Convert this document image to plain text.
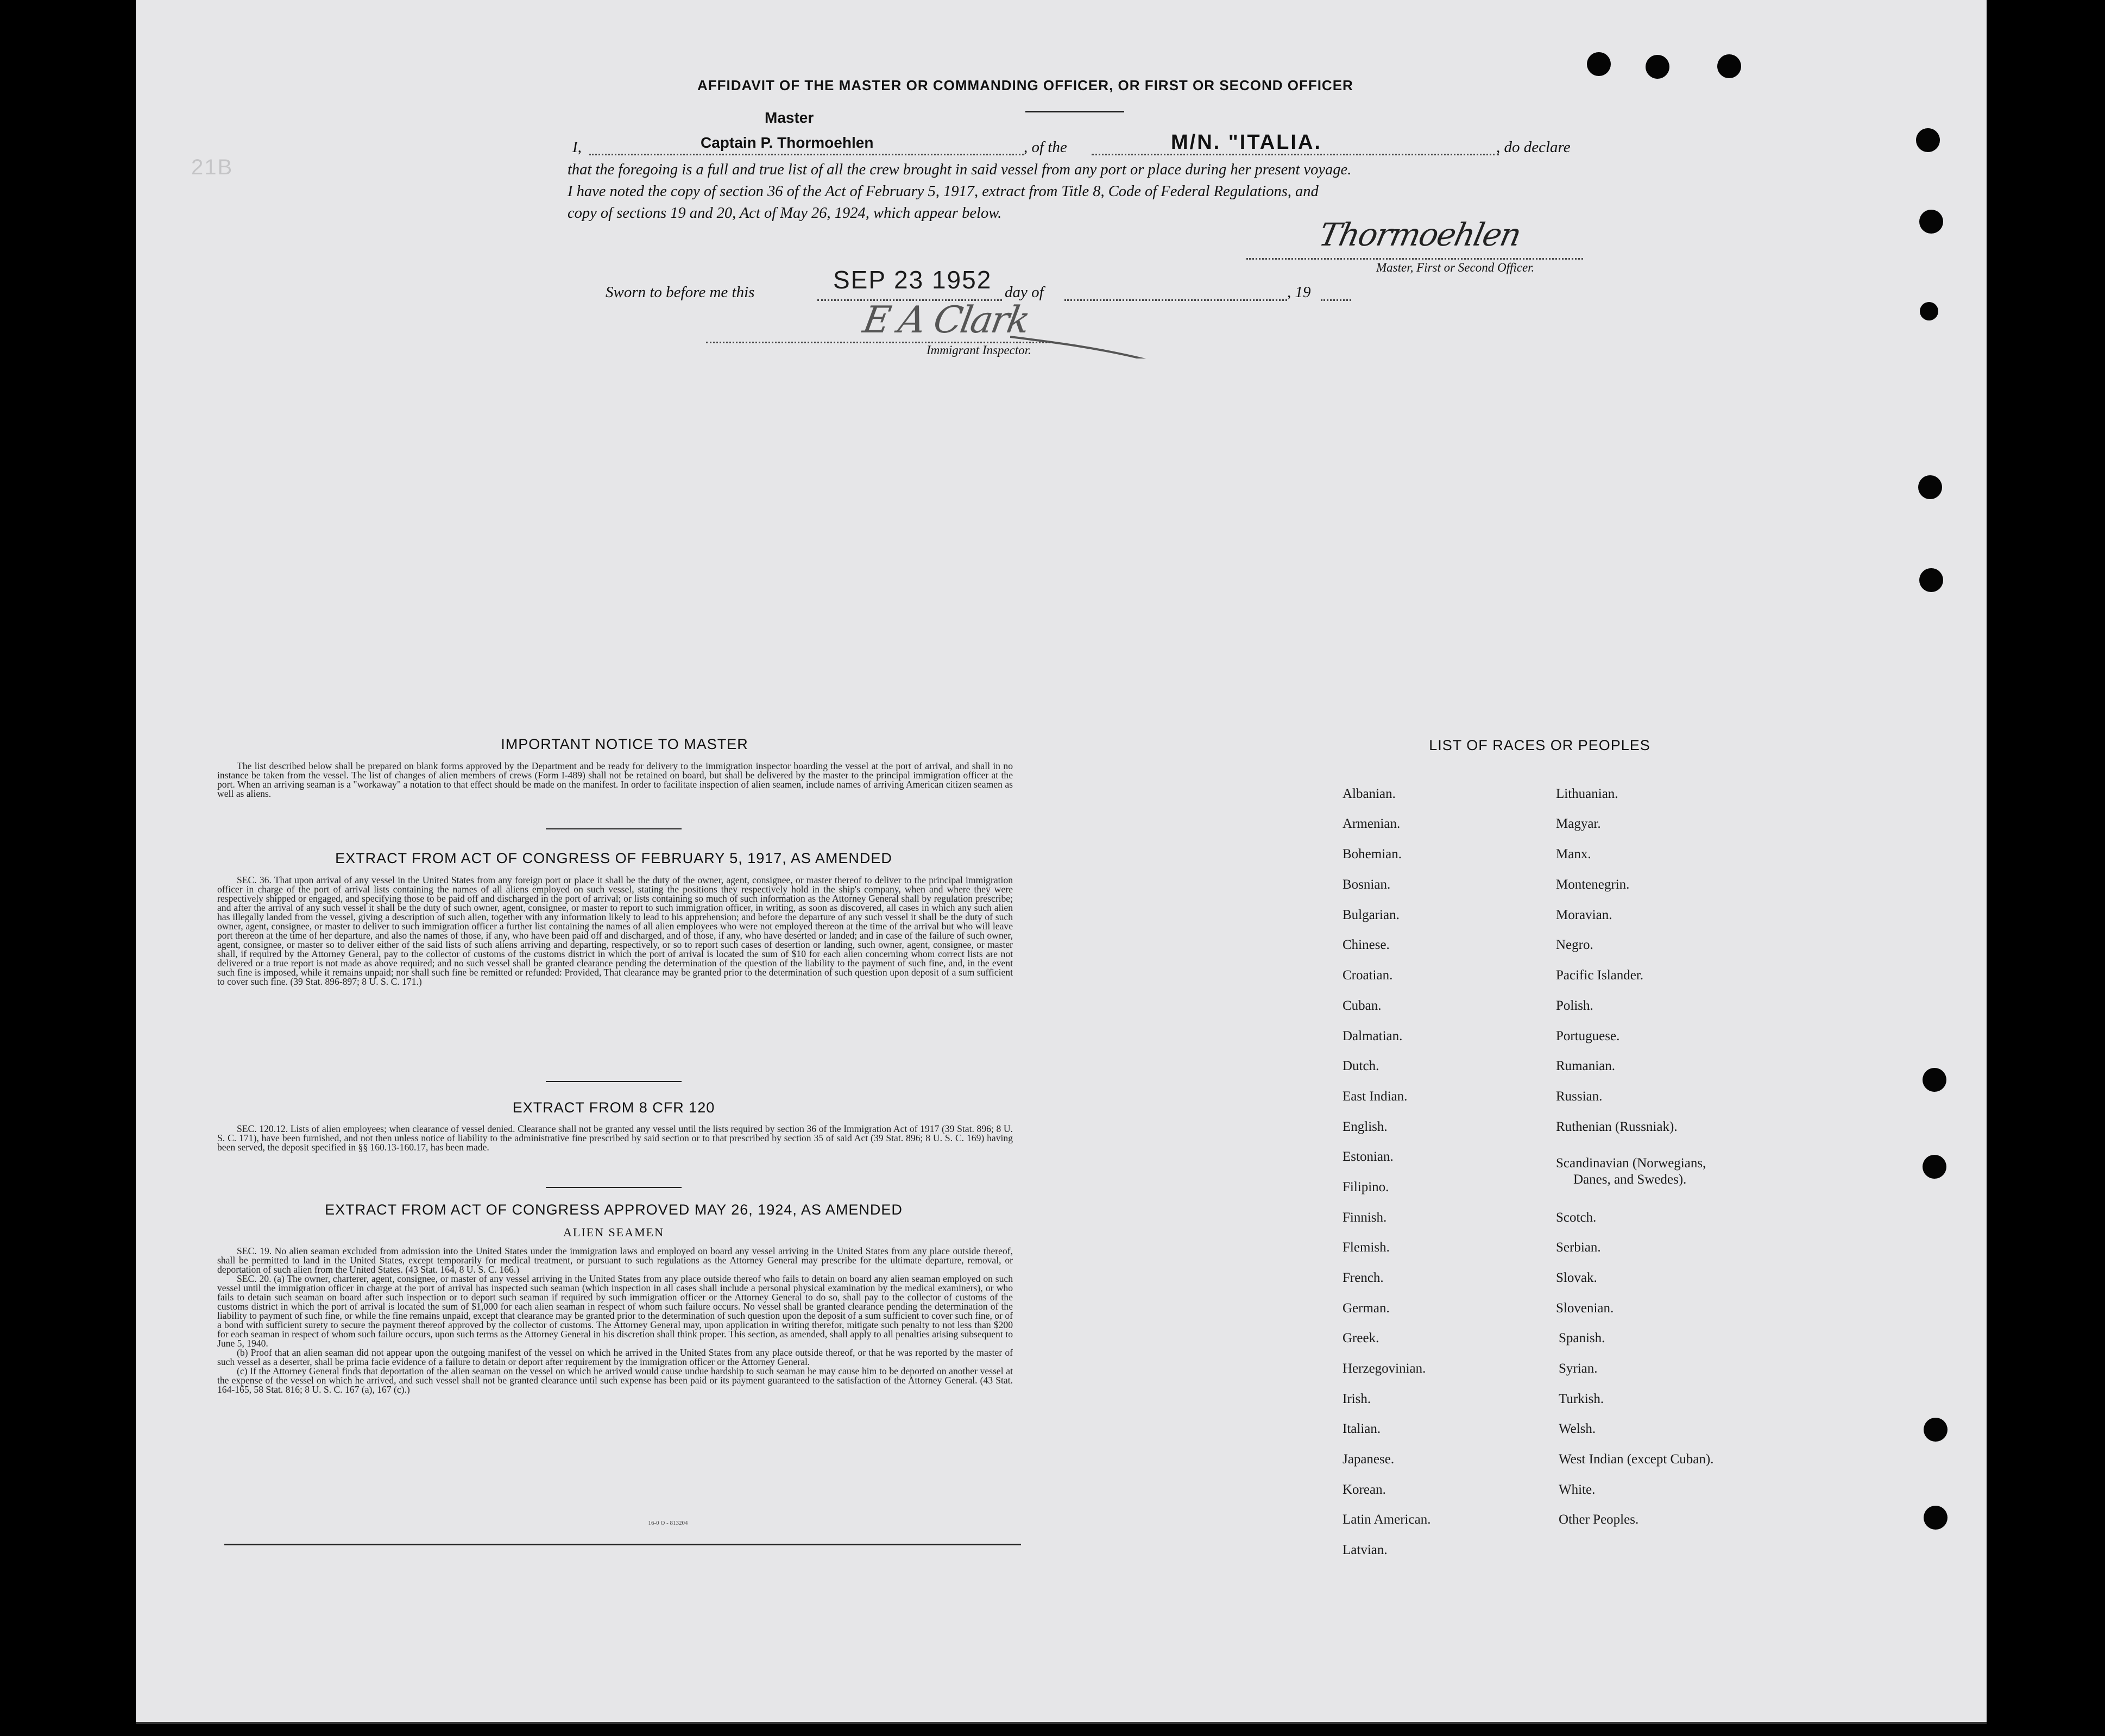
21B
AFFIDAVIT OF THE MASTER OR COMMANDING OFFICER, OR FIRST OR SECOND OFFICER
Master
I,	Captain P. Thormoehlen	, of the	M/N. "ITALIA.	, do declare
that the foregoing is a full and true list of all the crew brought in said vessel from any port or place during her present voyage.
I have noted the copy of section 36 of the Act of February 5, 1917, extract from Title 8, Code of Federal Regulations, and
copy of sections 19 and 20, Act of May 26, 1924, which appear below.
Thormoehlen
Master, First or Second Officer.
Sworn to before me this	SEP 23 1952 day of	, 19
E A Clark
Immigrant Inspector.
IMPORTANT NOTICE TO MASTER

The list described below shall be prepared on blank forms approved by the Department and be ready for delivery to the immigration inspector boarding the vessel at the port of arrival, and shall in no instance be taken from the vessel. The list of changes of alien members of crews (Form I-489) shall not be retained on board, but shall be delivered by the master to the principal immigration officer at the port. When an arriving seaman is a "workaway" a notation to that effect should be made on the manifest. In order to facilitate inspection of alien seamen, include names of arriving American citizen seamen as well as aliens.

EXTRACT FROM ACT OF CONGRESS OF FEBRUARY 5, 1917, AS AMENDED

SEC. 36. That upon arrival of any vessel in the United States from any foreign port or place it shall be the duty of the owner, agent, consignee, or master thereof to deliver to the principal immigration officer in charge of the port of arrival lists containing the names of all aliens employed on such vessel, stating the positions they respectively hold in the ship's company, when and where they were respectively shipped or engaged, and specifying those to be paid off and discharged in the port of arrival; or lists containing so much of such information as the Attorney General shall by regulation prescribe; and after the arrival of any such vessel it shall be the duty of such owner, agent, consignee, or master to report to such immigration officer, in writing, as soon as discovered, all cases in which any such alien has illegally landed from the vessel, giving a description of such alien, together with any information likely to lead to his apprehension; and before the departure of any such vessel it shall be the duty of such owner, agent, consignee, or master to deliver to such immigration officer a further list containing the names of all alien employees who were not employed thereon at the time of the arrival but who will leave port thereon at the time of her departure, and also the names of those, if any, who have been paid off and discharged, and of those, if any, who have deserted or landed; and in case of the failure of such owner, agent, consignee, or master so to deliver either of the said lists of such aliens arriving and departing, respectively, or so to report such cases of desertion or landing, such owner, agent, consignee, or master shall, if required by the Attorney General, pay to the collector of customs of the customs district in which the port of arrival is located the sum of $10 for each alien concerning whom correct lists are not delivered or a true report is not made as above required; and no such vessel shall be granted clearance pending the determination of the question of the liability to the payment of such fine, and, in the event such fine is imposed, while it remains unpaid; nor shall such fine be remitted or refunded: Provided, That clearance may be granted prior to the determination of such question upon deposit of a sum sufficient to cover such fine. (39 Stat. 896-897; 8 U. S. C. 171.)

EXTRACT FROM 8 CFR 120

SEC. 120.12. Lists of alien employees; when clearance of vessel denied. Clearance shall not be granted any vessel until the lists required by section 36 of the Immigration Act of 1917 (39 Stat. 896; 8 U. S. C. 171), have been furnished, and not then unless notice of liability to the administrative fine prescribed by said section or to that prescribed by section 35 of said Act (39 Stat. 896; 8 U. S. C. 169) having been served, the deposit specified in §§ 160.13-160.17, has been made.

EXTRACT FROM ACT OF CONGRESS APPROVED MAY 26, 1924, AS AMENDED
ALIEN SEAMEN

SEC. 19. No alien seaman excluded from admission into the United States under the immigration laws and employed on board any vessel arriving in the United States from any place outside thereof, shall be permitted to land in the United States, except temporarily for medical treatment, or pursuant to such regulations as the Attorney General may prescribe for the ultimate departure, removal, or deportation of such alien from the United States. (43 Stat. 164, 8 U. S. C. 166.)

SEC. 20. (a) The owner, charterer, agent, consignee, or master of any vessel arriving in the United States from any place outside thereof who fails to detain on board any alien seaman employed on such vessel until the immigration officer in charge at the port of arrival has inspected such seaman (which inspection in all cases shall include a personal physical examination by the medical examiners), or who fails to detain such seaman on board after such inspection or to deport such seaman if required by such immigration officer or the Attorney General to do so, shall pay to the collector of customs of the customs district in which the port of arrival is located the sum of $1,000 for each alien seaman in respect of whom such failure occurs. No vessel shall be granted clearance pending the determination of the liability to payment of such fine, or while the fine remains unpaid, except that clearance may be granted prior to the determination of such question upon the deposit of a sum sufficient to cover such fine, or of a bond with sufficient surety to secure the payment thereof approved by the collector of customs. The Attorney General may, upon application in writing therefor, mitigate such penalty to not less than $200 for each seaman in respect of whom such failure occurs, upon such terms as the Attorney General in his discretion shall think proper. This section, as amended, shall apply to all penalties arising subsequent to June 5, 1940.

(b) Proof that an alien seaman did not appear upon the outgoing manifest of the vessel on which he arrived in the United States from any place outside thereof, or that he was reported by the master of such vessel as a deserter, shall be prima facie evidence of a failure to detain or deport after requirement by the immigration officer or the Attorney General.

(c) If the Attorney General finds that deportation of the alien seaman on the vessel on which he arrived would cause undue hardship to such seaman he may cause him to be deported on another vessel at the expense of the vessel on which he arrived, and such vessel shall not be granted clearance until such expense has been paid or its payment guaranteed to the satisfaction of the Attorney General. (43 Stat. 164-165, 58 Stat. 816; 8 U. S. C. 167 (a), 167 (c).)

16-0 O - 813204
LIST OF RACES OR PEOPLES
Albanian.
Armenian.
Bohemian.
Bosnian.
Bulgarian.
Chinese.
Croatian.
Cuban.
Dalmatian.
Dutch.
East Indian.
English.
Estonian.
Filipino.
Finnish.
Flemish.
French.
German.
Greek.
Herzegovinian.
Irish.
Italian.
Japanese.
Korean.
Latin American.
Latvian.
Lithuanian.
Magyar.
Manx.
Montenegrin.
Moravian.
Negro.
Pacific Islander.
Polish.
Portuguese.
Rumanian.
Russian.
Ruthenian (Russniak).
Scandinavian (Norwegians,
Danes, and Swedes).
Scotch.
Serbian.
Slovak.
Slovenian.
Spanish.
Syrian.
Turkish.
Welsh.
West Indian (except Cuban).
White.
Other Peoples.
